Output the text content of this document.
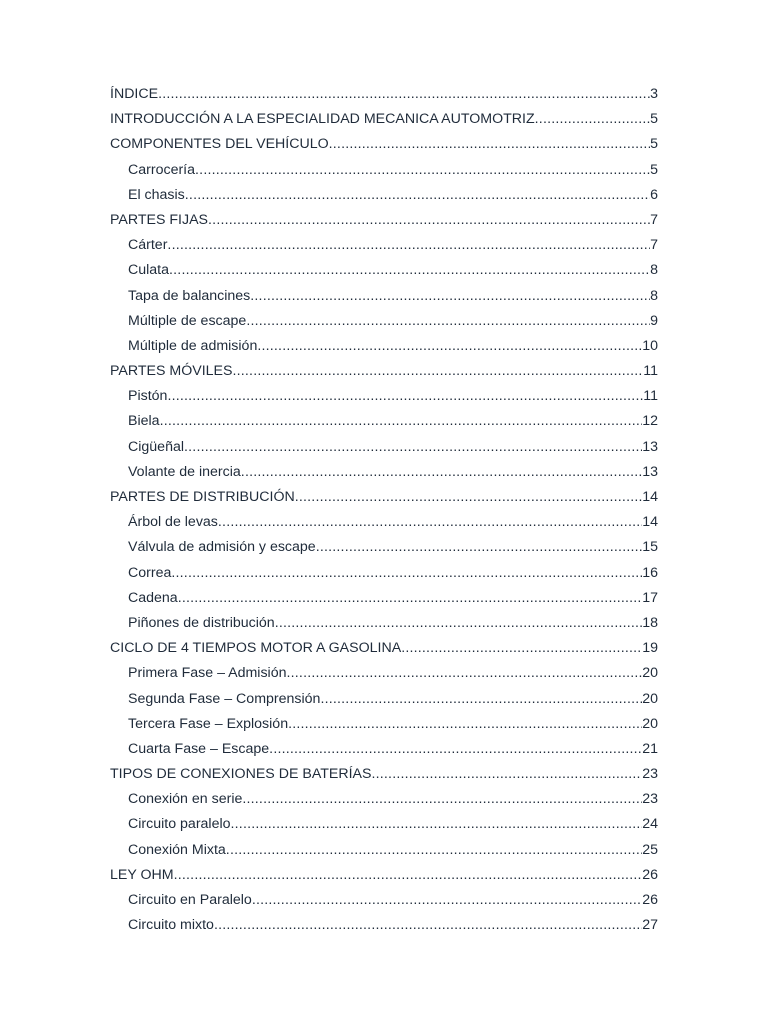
ÍNDICE .....	3
INTRODUCCIÓN A LA ESPECIALIDAD MECANICA AUTOMOTRIZ .....	5
COMPONENTES DEL VEHÍCULO .....	5
Carrocería .....	5
El chasis .....	6
PARTES FIJAS .....	7
Cárter .....	7
Culata .....	8
Tapa de balancines .....	8
Múltiple de escape .....	9
Múltiple de admisión .....	10
PARTES MÓVILES .....	11
Pistón .....	11
Biela .....	12
Cigüeñal .....	13
Volante de inercia .....	13
PARTES DE DISTRIBUCIÓN .....	14
Árbol de levas .....	14
Válvula de admisión y escape .....	15
Correa .....	16
Cadena .....	17
Piñones de distribución .....	18
CICLO DE 4 TIEMPOS MOTOR A GASOLINA .....	19
Primera Fase – Admisión .....	20
Segunda Fase – Comprensión .....	20
Tercera Fase – Explosión .....	20
Cuarta Fase – Escape .....	21
TIPOS DE CONEXIONES DE BATERÍAS .....	23
Conexión en serie .....	23
Circuito paralelo .....	24
Conexión Mixta .....	25
LEY OHM .....	26
Circuito en Paralelo .....	26
Circuito mixto .....	27
